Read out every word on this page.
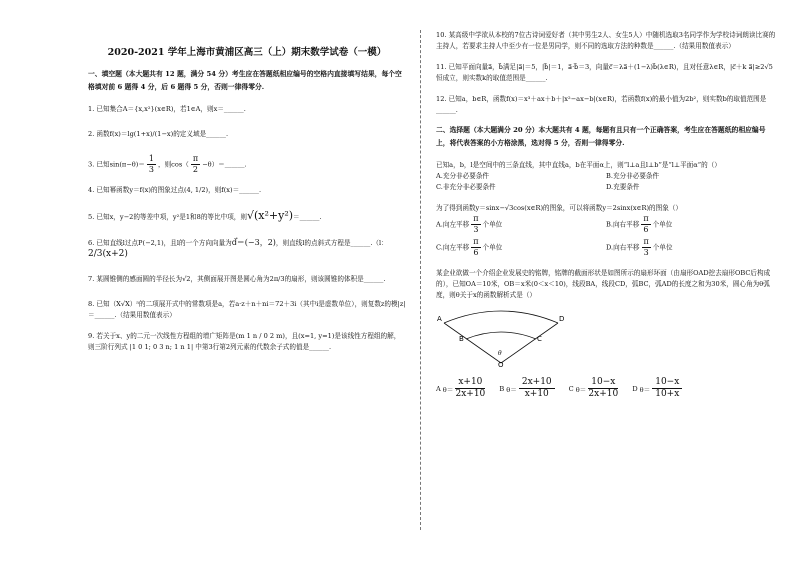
2020-2021 学年上海市黄浦区高三（上）期末数学试卷（一模）
一、填空题（本大题共有 12 题，满分 54 分）考生应在答题纸相应编号的空格内直接填写结果，每个空格填对前 6 题得 4 分，后 6 题得 5 分，否则一律得零分.

1. 已知集合A＝{x,x²}(x∈R)，若1∈A，则x＝______.

2. 函数f(x)＝lg(1+x)/(1−x)的定义域是______.

3. 已知$\sin(\pi-\theta)= \frac{1}{3}$ ，则$\cos( \frac{\pi}{2}$ −θ）＝______.

4. 已知幂函数y＝f(x)的图象过点(4, 1/2)，则f(x)＝______.

5. 已知x，y−2的等差中项，y²是1和8的等比中项，则√(x²+y²)＝______.

6. 已知直线l过点P(−2,1)，且l的一个方向向量为d⃗＝(−3，2)，则直线l的点斜式方程是______.（l：

2/3(x+2)

7. 某圆锥侧的感面圆的半径长为√2，其侧面展开图是圆心角为2π/3的扇形，则该圆锥的体积是______.

8. 已知（X√X）⁵的二项展开式中的常数项是a，若a·z＋n＋ni＝72＋3i（其中i是虚数单位），则复数z的模|z|＝______.（结果用数值表示）

9. 若关于x、y的二元一次线性方程组的增广矩阵是(m 1 n / 0 2 m)，且(x=1, y=1)是该线性方程组的解，则三阶行列式 |1 0 1; 0 3 n; 1 n 1| 中第3行第2列元素的代数余子式的值是______.

10. 某高级中学欲从本校的7位古诗词爱好者（其中男生2人、女生5人）中随机选取3名同学作为学校诗词朗读比赛的主持人，若要求主持人中至少有一位是男同学，则不同的选取方法的种数是______.（结果用数值表示）

11. 已知平面向量a⃗，b⃗满足|a⃗|＝5，|b⃗|＝1，a⃗·b⃗＝3，向量c⃗＝λa⃗＋(1−λ)b⃗(λ∈R)，且对任意λ∈R，|c⃗＋k a⃗|≥2√5恒成立，则实数k的取值范围是______.

12. 已知a，b∈R，函数f(x)＝x³＋ax＋b＋|x²−ax−b|(x∈R)，若函数f(x)的最小值为2b²，则实数b的取值范围是______.

二、选择题（本大题满分 20 分）本大题共有 4 题，每题有且只有一个正确答案，考生应在答题纸的相应编号上，将代表答案的小方格涂黑，选对得 5 分，否则一律得零分.

已知a，b，l是空间中的三条直线，其中直线a，b在平面α上，则“l⊥a且l⊥b”是“l⊥平面α”的（）

A.充分非必要条件	B.充分非必要条件
C.非充分非必要条件	D.充要条件

为了得到函数y＝sinx−√3cos(x∈R)的图象，可以将函数y＝2sinx(x∈R)的图象（）

A.向左平移 $\frac{\pi}{3}$ 个单位	B.向右平移 $\frac{\pi}{6}$ 个单位
C.向左平移 $\frac{\pi}{6}$ 个单位	D.向右平移 $\frac{\pi}{3}$ 个单位

某企业欲做一个介绍企业发展史的铭牌，铭牌的截面形状是如图所示的扇形环面（由扇形OAD挖去扇形OBC后构成的），已知OA＝10米，OB＝x米(0＜x＜10)，线段BA，线段CD，弧BC，弧AD的长度之和为30米，圆心角为θ弧度，则θ关于x的函数解析式是（）

A	D
B	C
O
θ
A $\theta= \frac{x+10}{2x+10}$ B $\theta= \frac{2x+10}{x+10}$ C $\theta= \frac{10-x}{2x+10}$ D $\theta= \frac{10-x}{10+x}$
